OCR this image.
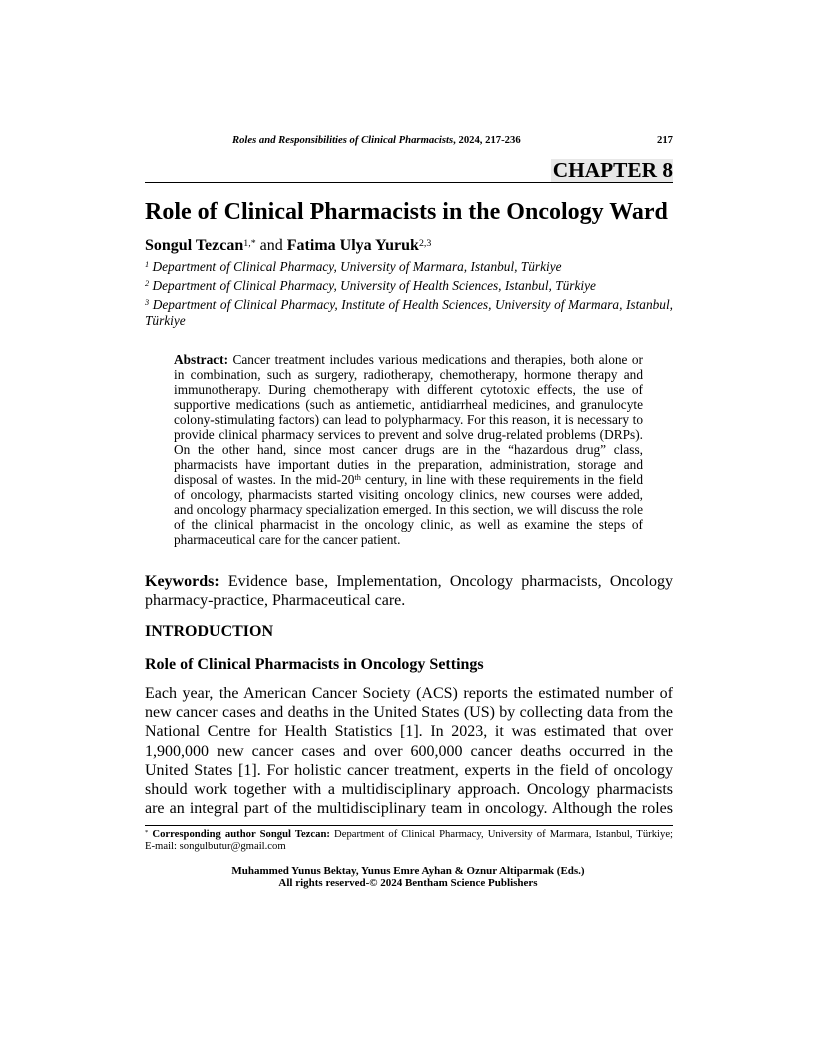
Roles and Responsibilities of Clinical Pharmacists, 2024, 217-236	217
CHAPTER 8
Role of Clinical Pharmacists in the Oncology Ward
Songul Tezcan$^{1,*}$ and Fatima Ulya Yuruk$^{2,3}$
$^1$ Department of Clinical Pharmacy, University of Marmara, Istanbul, Türkiye
$^2$ Department of Clinical Pharmacy, University of Health Sciences, Istanbul, Türkiye
$^3$ Department of Clinical Pharmacy, Institute of Health Sciences, University of Marmara, Istanbul,
Türkiye
Abstract: Cancer treatment includes various medications and therapies, both alone or
in combination, such as surgery, radiotherapy, chemotherapy, hormone therapy and
immunotherapy. During chemotherapy with different cytotoxic effects, the use of
supportive medications (such as antiemetic, antidiarrheal medicines, and granulocyte
colony-stimulating factors) can lead to polypharmacy. For this reason, it is necessary to
provide clinical pharmacy services to prevent and solve drug-related problems (DRPs).
On the other hand, since most cancer drugs are in the “hazardous drug” class,
pharmacists have important duties in the preparation, administration, storage and
disposal of wastes. In the mid-20th century, in line with these requirements in the field
of oncology, pharmacists started visiting oncology clinics, new courses were added,
and oncology pharmacy specialization emerged. In this section, we will discuss the role
of the clinical pharmacist in the oncology clinic, as well as examine the steps of
pharmaceutical care for the cancer patient.
Keywords: Evidence base, Implementation, Oncology pharmacists, Oncology
pharmacy-practice, Pharmaceutical care.
INTRODUCTION
Role of Clinical Pharmacists in Oncology Settings
Each year, the American Cancer Society (ACS) reports the estimated number of
new cancer cases and deaths in the United States (US) by collecting data from the
National Centre for Health Statistics [1]. In 2023, it was estimated that over
1,900,000 new cancer cases and over 600,000 cancer deaths occurred in the
United States [1]. For holistic cancer treatment, experts in the field of oncology
should work together with a multidisciplinary approach. Oncology pharmacists
are an integral part of the multidisciplinary team in oncology. Although the roles
* Corresponding author Songul Tezcan: Department of Clinical Pharmacy, University of Marmara, Istanbul, Türkiye;
E-mail: songulbutur@gmail.com
Muhammed Yunus Bektay, Yunus Emre Ayhan & Oznur Altiparmak (Eds.)
All rights reserved-© 2024 Bentham Science Publishers
